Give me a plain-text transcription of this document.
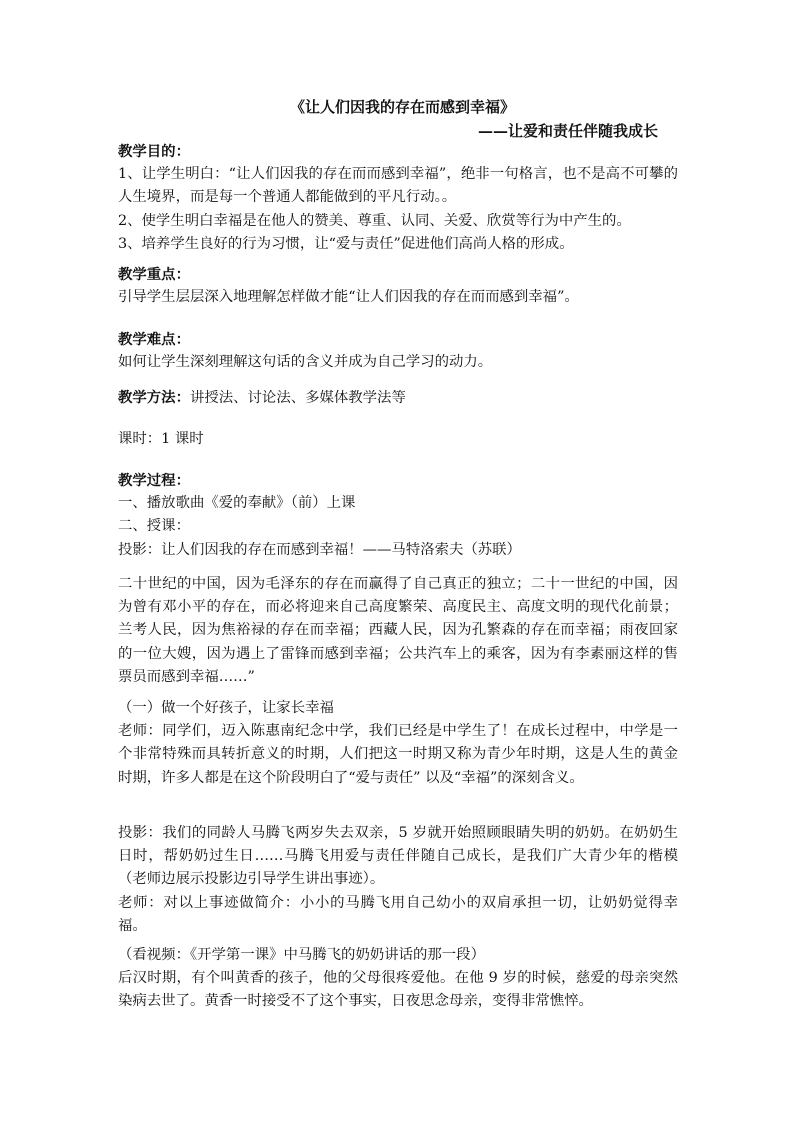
《让人们因我的存在而感到幸福》
——让爱和责任伴随我成长
教学目的：

1、让学生明白：“让人们因我的存在而而感到幸福”，绝非一句格言，也不是高不可攀的人生境界，而是每一个普通人都能做到的平凡行动。。

2、使学生明白幸福是在他人的赞美、尊重、认同、关爱、欣赏等行为中产生的。

3、培养学生良好的行为习惯，让“爱与责任”促进他们高尚人格的形成。

教学重点：

引导学生层层深入地理解怎样做才能“让人们因我的存在而而感到幸福”。

教学难点：

如何让学生深刻理解这句话的含义并成为自己学习的动力。

教学方法：讲授法、讨论法、多媒体教学法等
课时：1 课时
教学过程：

一、播放歌曲《爱的奉献》（前）上课

二、授课：

投影：让人们因我的存在而感到幸福！——马特洛索夫（苏联）

二十世纪的中国，因为毛泽东的存在而赢得了自己真正的独立；二十一世纪的中国，因为曾有邓小平的存在，而必将迎来自己高度繁荣、高度民主、高度文明的现代化前景；兰考人民，因为焦裕禄的存在而幸福；西藏人民，因为孔繁森的存在而幸福；雨夜回家的一位大嫂，因为遇上了雷锋而感到幸福；公共汽车上的乘客，因为有李素丽这样的售票员而感到幸福……”

（一）做一个好孩子，让家长幸福

老师：同学们，迈入陈惠南纪念中学，我们已经是中学生了！在成长过程中，中学是一个非常特殊而具转折意义的时期，人们把这一时期又称为青少年时期，这是人生的黄金时期，许多人都是在这个阶段明白了“爱与责任” 以及“幸福”的深刻含义。

投影：我们的同龄人马腾飞两岁失去双亲，5 岁就开始照顾眼睛失明的奶奶。在奶奶生日时，帮奶奶过生日……马腾飞用爱与责任伴随自己成长，是我们广大青少年的楷模（老师边展示投影边引导学生讲出事迹）。

老师：对以上事迹做简介：小小的马腾飞用自己幼小的双肩承担一切，让奶奶觉得幸福。

（看视频：《开学第一课》中马腾飞的奶奶讲话的那一段）

后汉时期，有个叫黄香的孩子，他的父母很疼爱他。在他 9 岁的时候，慈爱的母亲突然染病去世了。黄香一时接受不了这个事实，日夜思念母亲，变得非常憔悴。
